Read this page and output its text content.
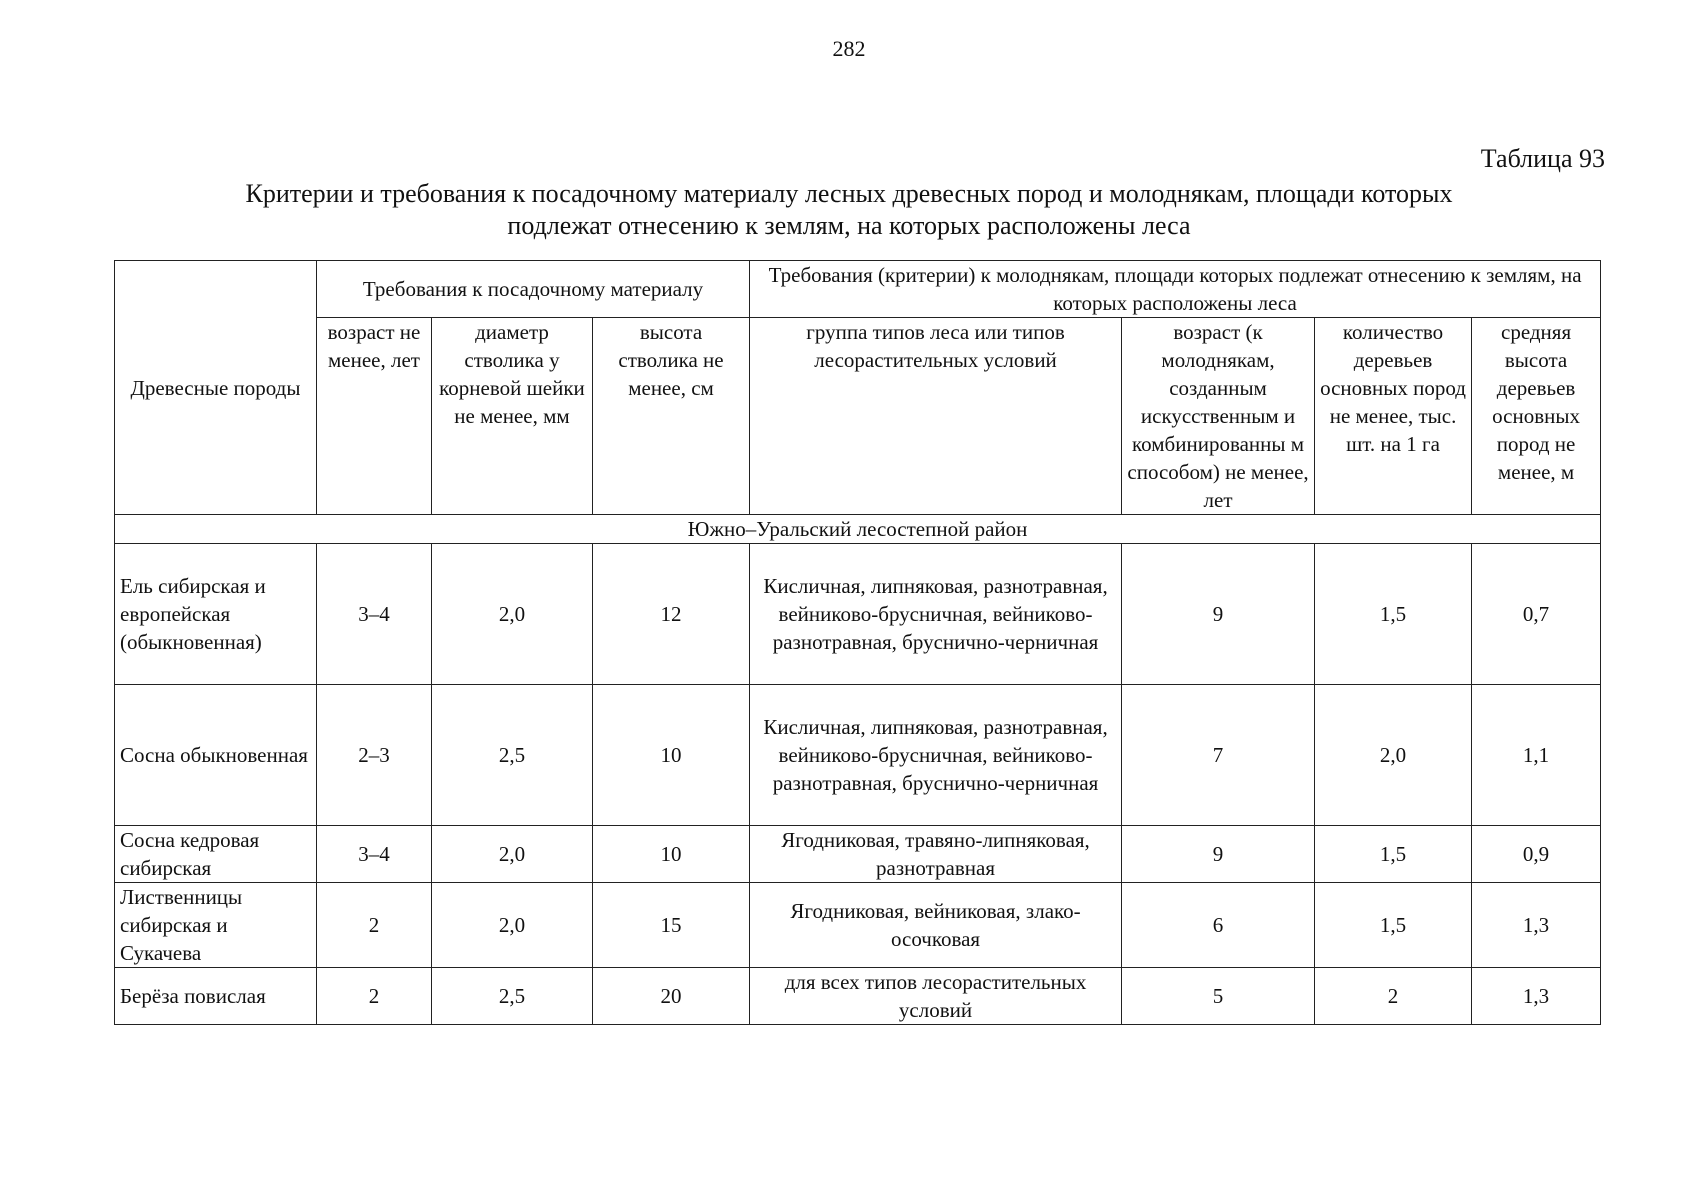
282
Таблица 93
Критерии и требования к посадочному материалу лесных древесных пород и молоднякам, площади которых подлежат отнесению к землям, на которых расположены леса
Древесные породы	Требования к посадочному материалу			Требования (критерии) к молоднякам, площади которых подлежат отнесению к землям, на которых расположены леса			
	возраст не менее, лет	диаметр стволика у корневой шейки не менее, мм	высота стволика не менее, см	группа типов леса или типов лесорастительных условий	возраст (к молоднякам, созданным искусственным и комбинированны м способом) не менее, лет	количество деревьев основных пород не менее, тыс. шт. на 1 га	средняя высота деревьев основных пород не менее, м
Южно–Уральский лесостепной район							
Ель сибирская и европейская (обыкновенная)	3–4	2,0	12	Кисличная, липняковая, разнотравная, вейниково-брусничная, вейниково-разнотравная, бруснично-черничная	9	1,5	0,7
Сосна обыкновенная	2–3	2,5	10	Кисличная, липняковая, разнотравная, вейниково-брусничная, вейниково-разнотравная, бруснично-черничная	7	2,0	1,1
Сосна кедровая сибирская	3–4	2,0	10	Ягодниковая, травяно-липняковая, разнотравная	9	1,5	0,9
Лиственницы сибирская и Сукачева	2	2,0	15	Ягодниковая, вейниковая, злако-осочковая	6	1,5	1,3
Берёза повислая	2	2,5	20	для всех типов лесорастительных условий	5	2	1,3
